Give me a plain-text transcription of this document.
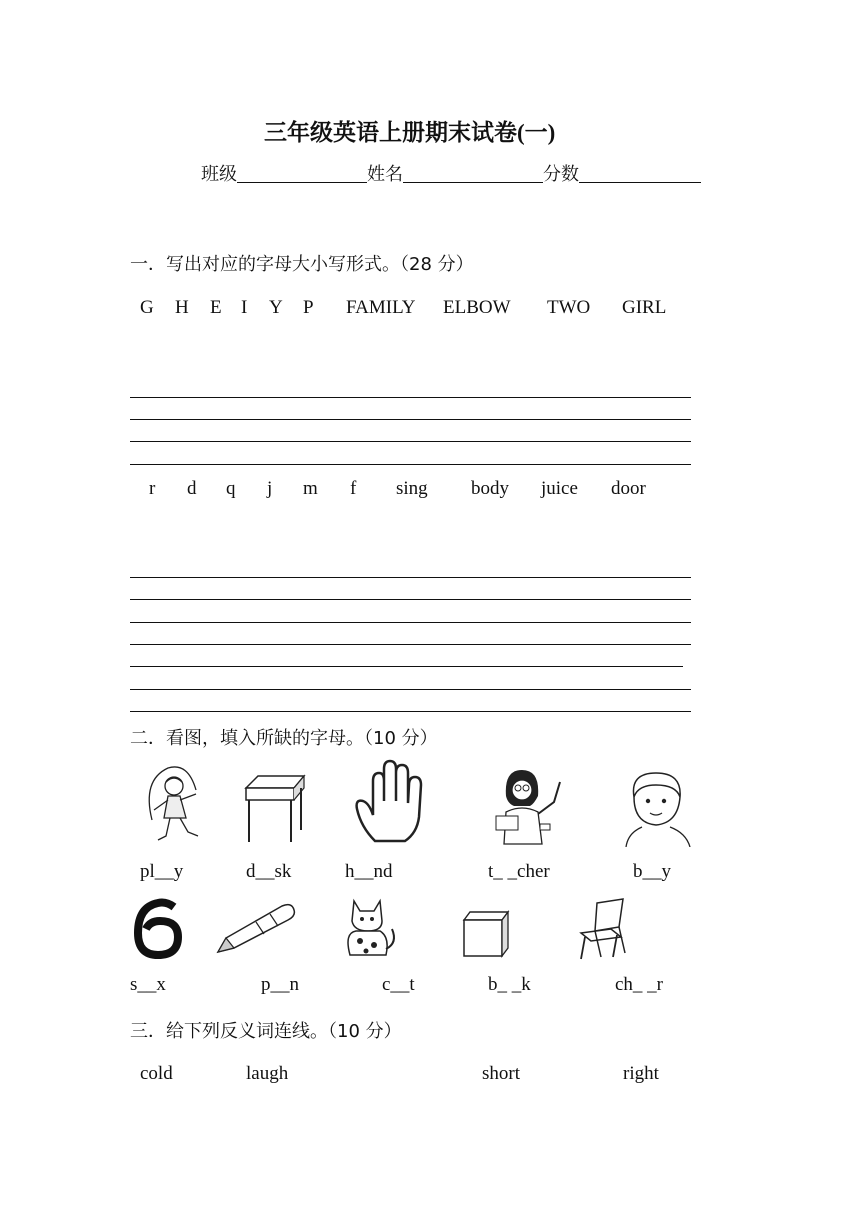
三年级英语上册期末试卷(一)
班级	姓名	分数
一．写出对应的字母大小写形式。（28 分）
G H E I Y P FAMILY ELBOW TWO GIRL
r d q j m f sing body juice door
二．看图，填入所缺的字母。（10 分）
pl__y	d__sk	h__nd	t_ _cher	b__y
s__x	p__n	c__t	b_ _k	ch_ _r
三．给下列反义词连线。（10 分）
cold	laugh	short	right
